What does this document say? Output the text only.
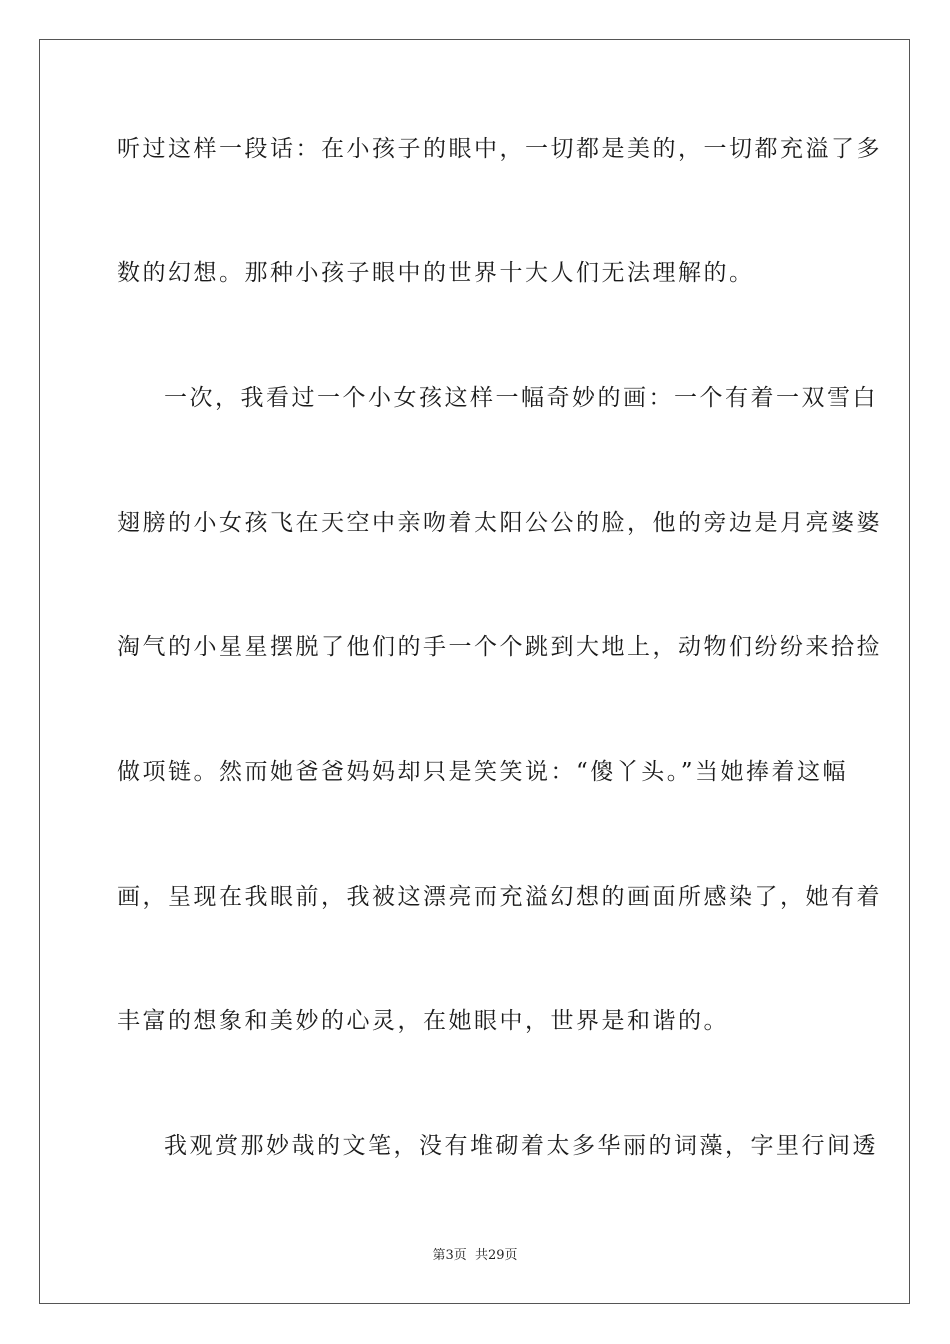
听过这样一段话：在小孩子的眼中，一切都是美的，一切都充溢了多
数的幻想。那种小孩子眼中的世界十大人们无法理解的。
一次，我看过一个小女孩这样一幅奇妙的画：一个有着一双雪白
翅膀的小女孩飞在天空中亲吻着太阳公公的脸，他的旁边是月亮婆婆
淘气的小星星摆脱了他们的手一个个跳到大地上，动物们纷纷来拾捡
做项链。然而她爸爸妈妈却只是笑笑说：“傻丫头。”当她捧着这幅
画，呈现在我眼前，我被这漂亮而充溢幻想的画面所感染了，她有着
丰富的想象和美妙的心灵，在她眼中，世界是和谐的。
我观赏那妙哉的文笔，没有堆砌着太多华丽的词藻，字里行间透
第3页 共29页
